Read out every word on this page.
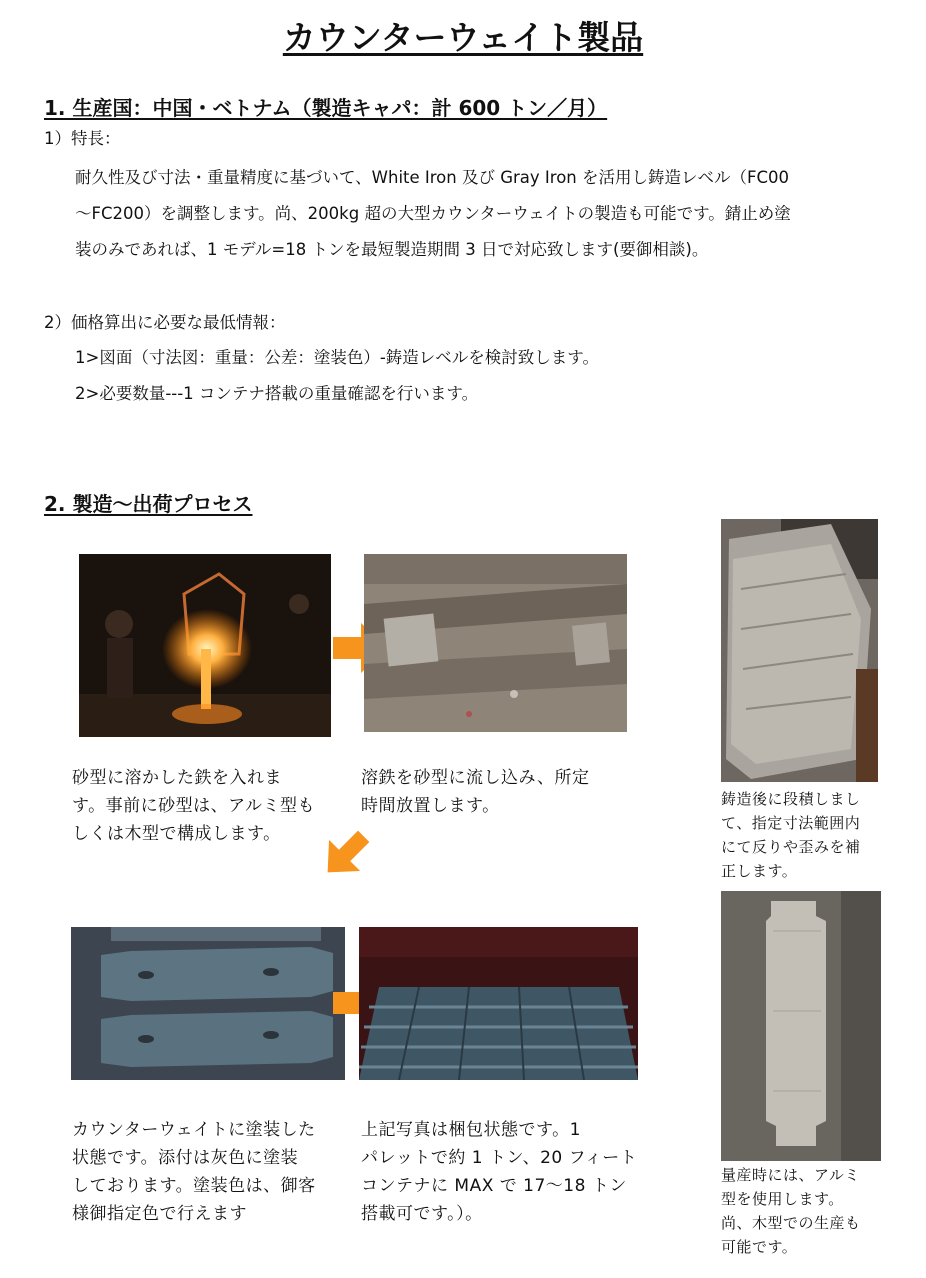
カウンターウェイト製品
1. 生産国：中国・ベトナム（製造キャパ：計 600 トン／月）
1）特長：
耐久性及び寸法・重量精度に基づいて、White Iron 及び Gray Iron を活用し鋳造レベル（FC00
～FC200）を調整します。尚、200kg 超の大型カウンターウェイトの製造も可能です。錆止め塗
装のみであれば、1 モデル=18 トンを最短製造期間 3 日で対応致します(要御相談)。
2）価格算出に必要な最低情報：
1>図面（寸法図：重量：公差：塗装色）-鋳造レベルを検討致します。
2>必要数量---1 コンテナ搭載の重量確認を行います。
2. 製造～出荷プロセス
砂型に溶かした鉄を入れま
す。事前に砂型は、アルミ型も
しくは木型で構成します。
溶鉄を砂型に流し込み、所定
時間放置します。	鋳造後に段積しまし
て、指定寸法範囲内
にて反りや歪みを補
正します。
カウンターウェイトに塗装した
状態です。添付は灰色に塗装
しております。塗装色は、御客
様御指定色で行えます
上記写真は梱包状態です。1
パレットで約 1 トン、20 フィート
コンテナに MAX で 17～18 トン
搭載可です。）。
量産時には、アルミ
型を使用します。
尚、木型での生産も
可能です。
